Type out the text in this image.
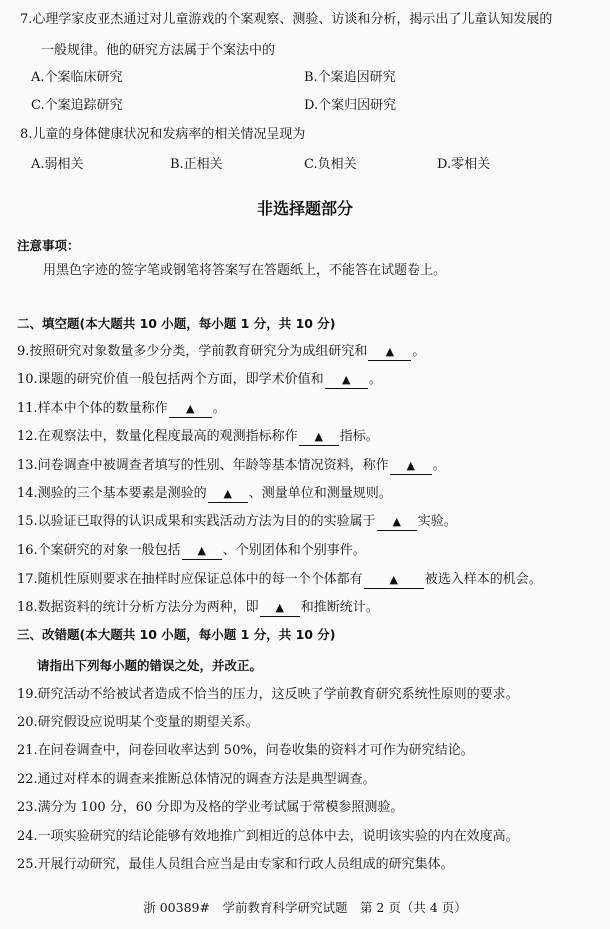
7.心理学家皮亚杰通过对儿童游戏的个案观察、测验、访谈和分析，揭示出了儿童认知发展的
一般规律。他的研究方法属于个案法中的
A.个案临床研究	B.个案追因研究
C.个案追踪研究	D.个案归因研究
8.儿童的身体健康状况和发病率的相关情况呈现为
A.弱相关	B.正相关	C.负相关	D.零相关
非选择题部分
注意事项：
用黑色字迹的签字笔或钢笔将答案写在答题纸上，不能答在试题卷上。
二、填空题(本大题共 10 小题，每小题 1 分，共 10 分)
9.按照研究对象数量多少分类，学前教育研究分为成组研究和 ▲ 。
10.课题的研究价值一般包括两个方面，即学术价值和 ▲ 。
11.样本中个体的数量称作 ▲ 。
12.在观察法中，数量化程度最高的观测指标称作 ▲ 指标。
13.问卷调查中被调查者填写的性别、年龄等基本情况资料，称作 ▲ 。
14.测验的三个基本要素是测验的 ▲ 、测量单位和测量规则。
15.以验证已取得的认识成果和实践活动方法为目的的实验属于 ▲ 实验。
16.个案研究的对象一般包括 ▲ 、个别团体和个别事件。
17.随机性原则要求在抽样时应保证总体中的每一个个体都有 ▲ 被选入样本的机会。
18.数据资料的统计分析方法分为两种，即 ▲ 和推断统计。
三、改错题(本大题共 10 小题，每小题 1 分，共 10 分)
请指出下列每小题的错误之处，并改正。
19.研究活动不给被试者造成不恰当的压力，这反映了学前教育研究系统性原则的要求。
20.研究假设应说明某个变量的期望关系。
21.在问卷调查中，问卷回收率达到 50%，问卷收集的资料才可作为研究结论。
22.通过对样本的调查来推断总体情况的调查方法是典型调查。
23.满分为 100 分，60 分即为及格的学业考试属于常模参照测验。
24.一项实验研究的结论能够有效地推广到相近的总体中去，说明该实验的内在效度高。
25.开展行动研究，最佳人员组合应当是由专家和行政人员组成的研究集体。
浙 00389#　学前教育科学研究试题　第 2 页（共 4 页）
